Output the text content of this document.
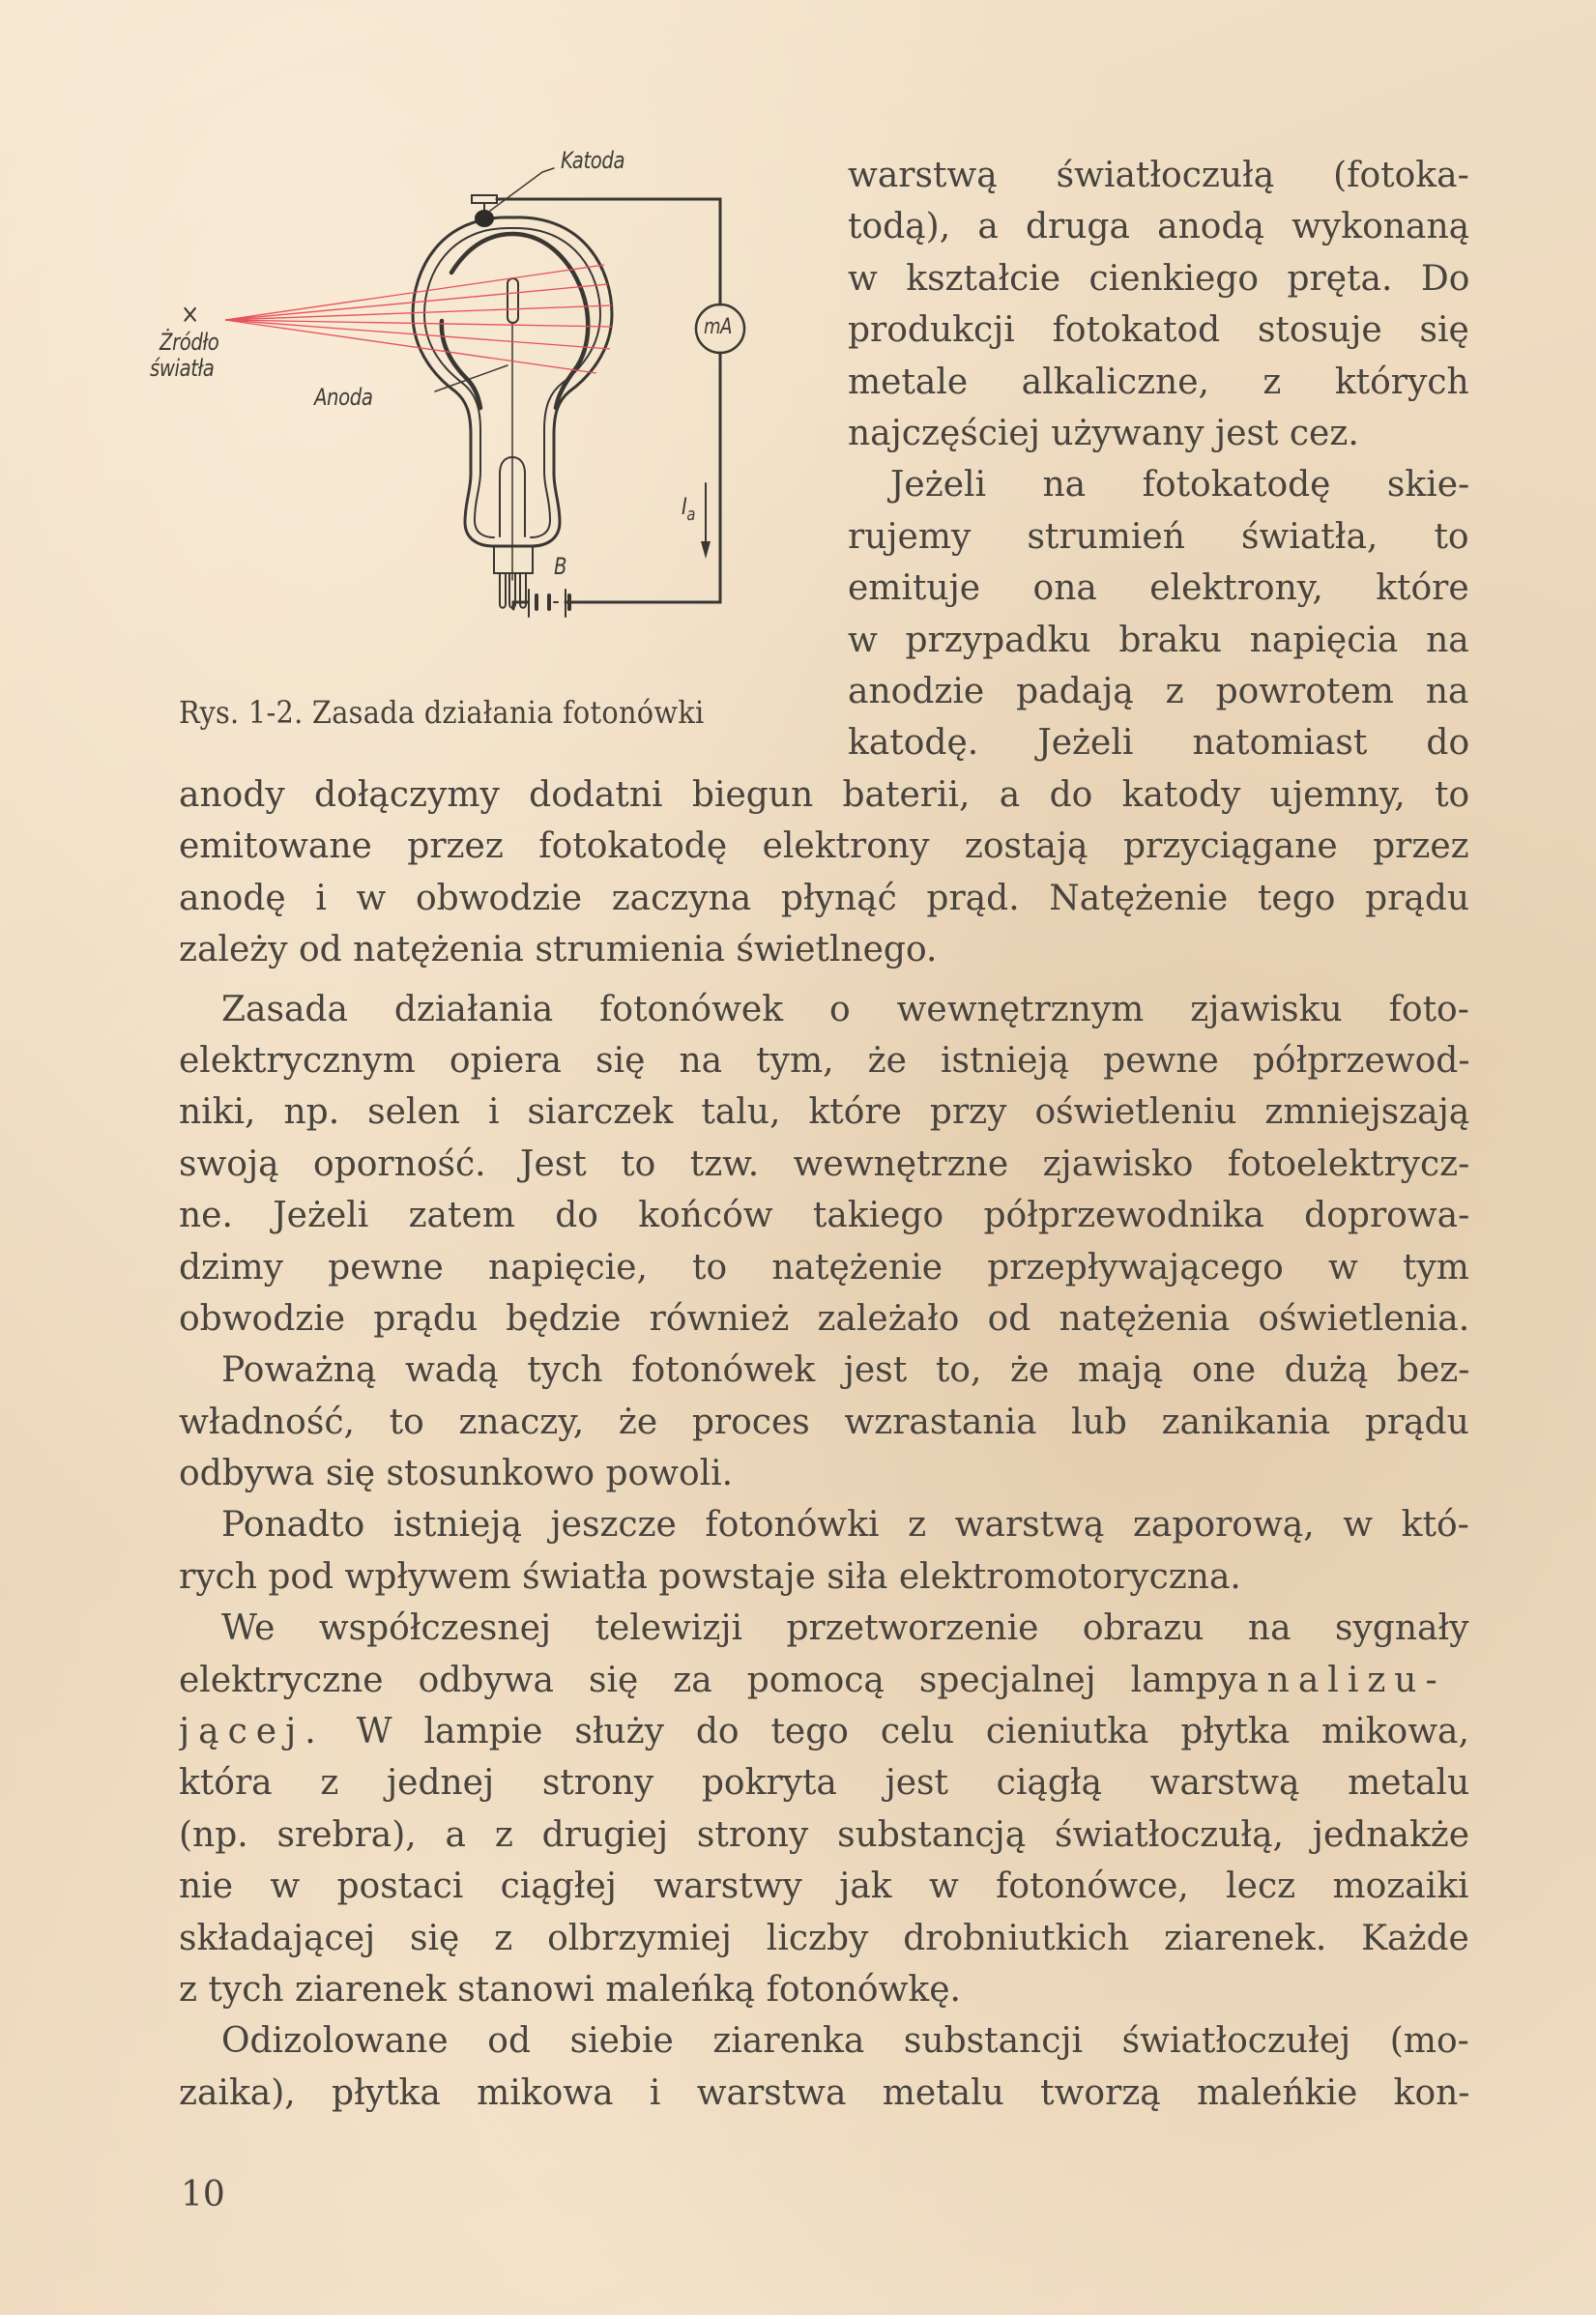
×
Katoda
Żródło
światła
Anoda
mA
B
$I_a$
Rys. 1-2. Zasada działania fotonówki
warstwą światłoczułą (fotoka-
todą), a druga anodą wykonaną
w kształcie cienkiego pręta. Do
produkcji fotokatod stosuje się
metale alkaliczne, z których
najczęściej używany jest cez.
Jeżeli na fotokatodę skie-
rujemy strumień światła, to
emituje ona elektrony, które
w przypadku braku napięcia na
anodzie padają z powrotem na
katodę. Jeżeli natomiast do
anody dołączymy dodatni biegun baterii, a do katody ujemny, to
emitowane przez fotokatodę elektrony zostają przyciągane przez
anodę i w obwodzie zaczyna płynąć prąd. Natężenie tego prądu
zależy od natężenia strumienia świetlnego.
Zasada działania fotonówek o wewnętrznym zjawisku foto-
elektrycznym opiera się na tym, że istnieją pewne półprzewod-
niki, np. selen i siarczek talu, które przy oświetleniu zmniejszają
swoją oporność. Jest to tzw. wewnętrzne zjawisko fotoelektrycz-
ne. Jeżeli zatem do końców takiego półprzewodnika doprowa-
dzimy pewne napięcie, to natężenie przepływającego w tym
obwodzie prądu będzie również zależało od natężenia oświetlenia.
Poważną wadą tych fotonówek jest to, że mają one dużą bez-
władność, to znaczy, że proces wzrastania lub zanikania prądu
odbywa się stosunkowo powoli.
Ponadto istnieją jeszcze fotonówki z warstwą zaporową, w któ-
rych pod wpływem światła powstaje siła elektromotoryczna.
We współczesnej telewizji przetworzenie obrazu na sygnały
elektryczne odbywa się za pomocą specjalnej lampyanalizu-
jącej. W lampie służy do tego celu cieniutka płytka mikowa,
która z jednej strony pokryta jest ciągłą warstwą metalu
(np. srebra), a z drugiej strony substancją światłoczułą, jednakże
nie w postaci ciągłej warstwy jak w fotonówce, lecz mozaiki
składającej się z olbrzymiej liczby drobniutkich ziarenek. Każde
z tych ziarenek stanowi maleńką fotonówkę.
Odizolowane od siebie ziarenka substancji światłoczułej (mo-
zaika), płytka mikowa i warstwa metalu tworzą maleńkie kon-
10
